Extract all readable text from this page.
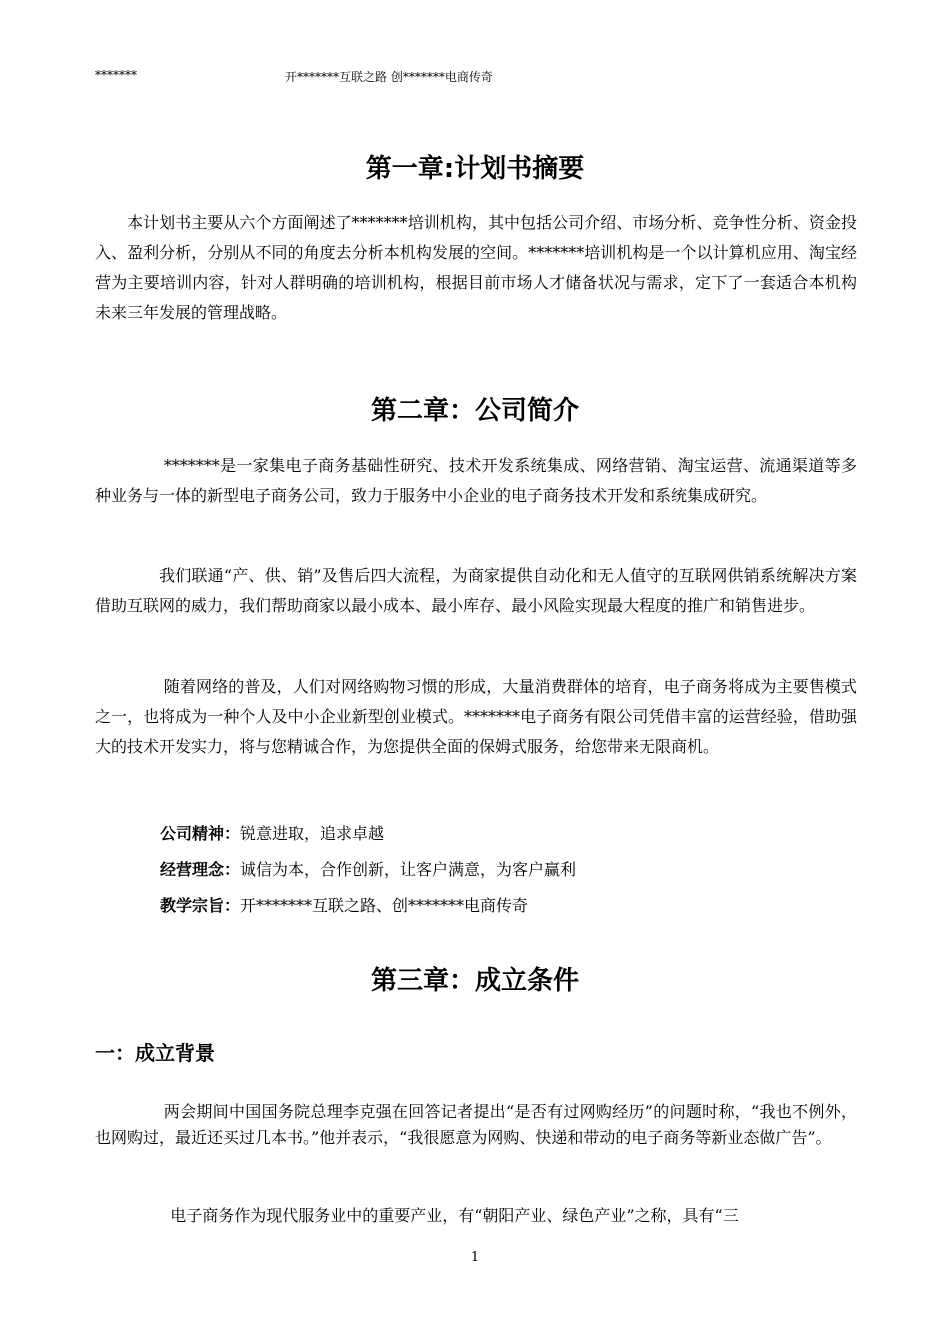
*******	开*******互联之路 创*******电商传奇
第一章:计划书摘要
本计划书主要从六个方面阐述了*******培训机构，其中包括公司介绍、市场分析、竞争性分析、资金投入、盈利分析，分别从不同的角度去分析本机构发展的空间。*******培训机构是一个以计算机应用、淘宝经营为主要培训内容，针对人群明确的培训机构，根据目前市场人才储备状况与需求，定下了一套适合本机构未来三年发展的管理战略。
第二章：公司简介
*******是一家集电子商务基础性研究、技术开发系统集成、网络营销、淘宝运营、流通渠道等多种业务与一体的新型电子商务公司，致力于服务中小企业的电子商务技术开发和系统集成研究。
我们联通“产、供、销”及售后四大流程，为商家提供自动化和无人值守的互联网供销系统解决方案借助互联网的威力，我们帮助商家以最小成本、最小库存、最小风险实现最大程度的推广和销售进步。
随着网络的普及，人们对网络购物习惯的形成，大量消费群体的培育，电子商务将成为主要售模式之一，也将成为一种个人及中小企业新型创业模式。*******电子商务有限公司凭借丰富的运营经验，借助强大的技术开发实力，将与您精诚合作，为您提供全面的保姆式服务，给您带来无限商机。
公司精神：锐意进取，追求卓越
经营理念：诚信为本，合作创新，让客户满意，为客户赢利
教学宗旨：开*******互联之路、创*******电商传奇
第三章：成立条件
一：成立背景
两会期间中国国务院总理李克强在回答记者提出“是否有过网购经历”的问题时称，“我也不例外，也网购过，最近还买过几本书。”他并表示，“我很愿意为网购、快递和带动的电子商务等新业态做广告”。
电子商务作为现代服务业中的重要产业，有“朝阳产业、绿色产业”之称，具有“三
1
